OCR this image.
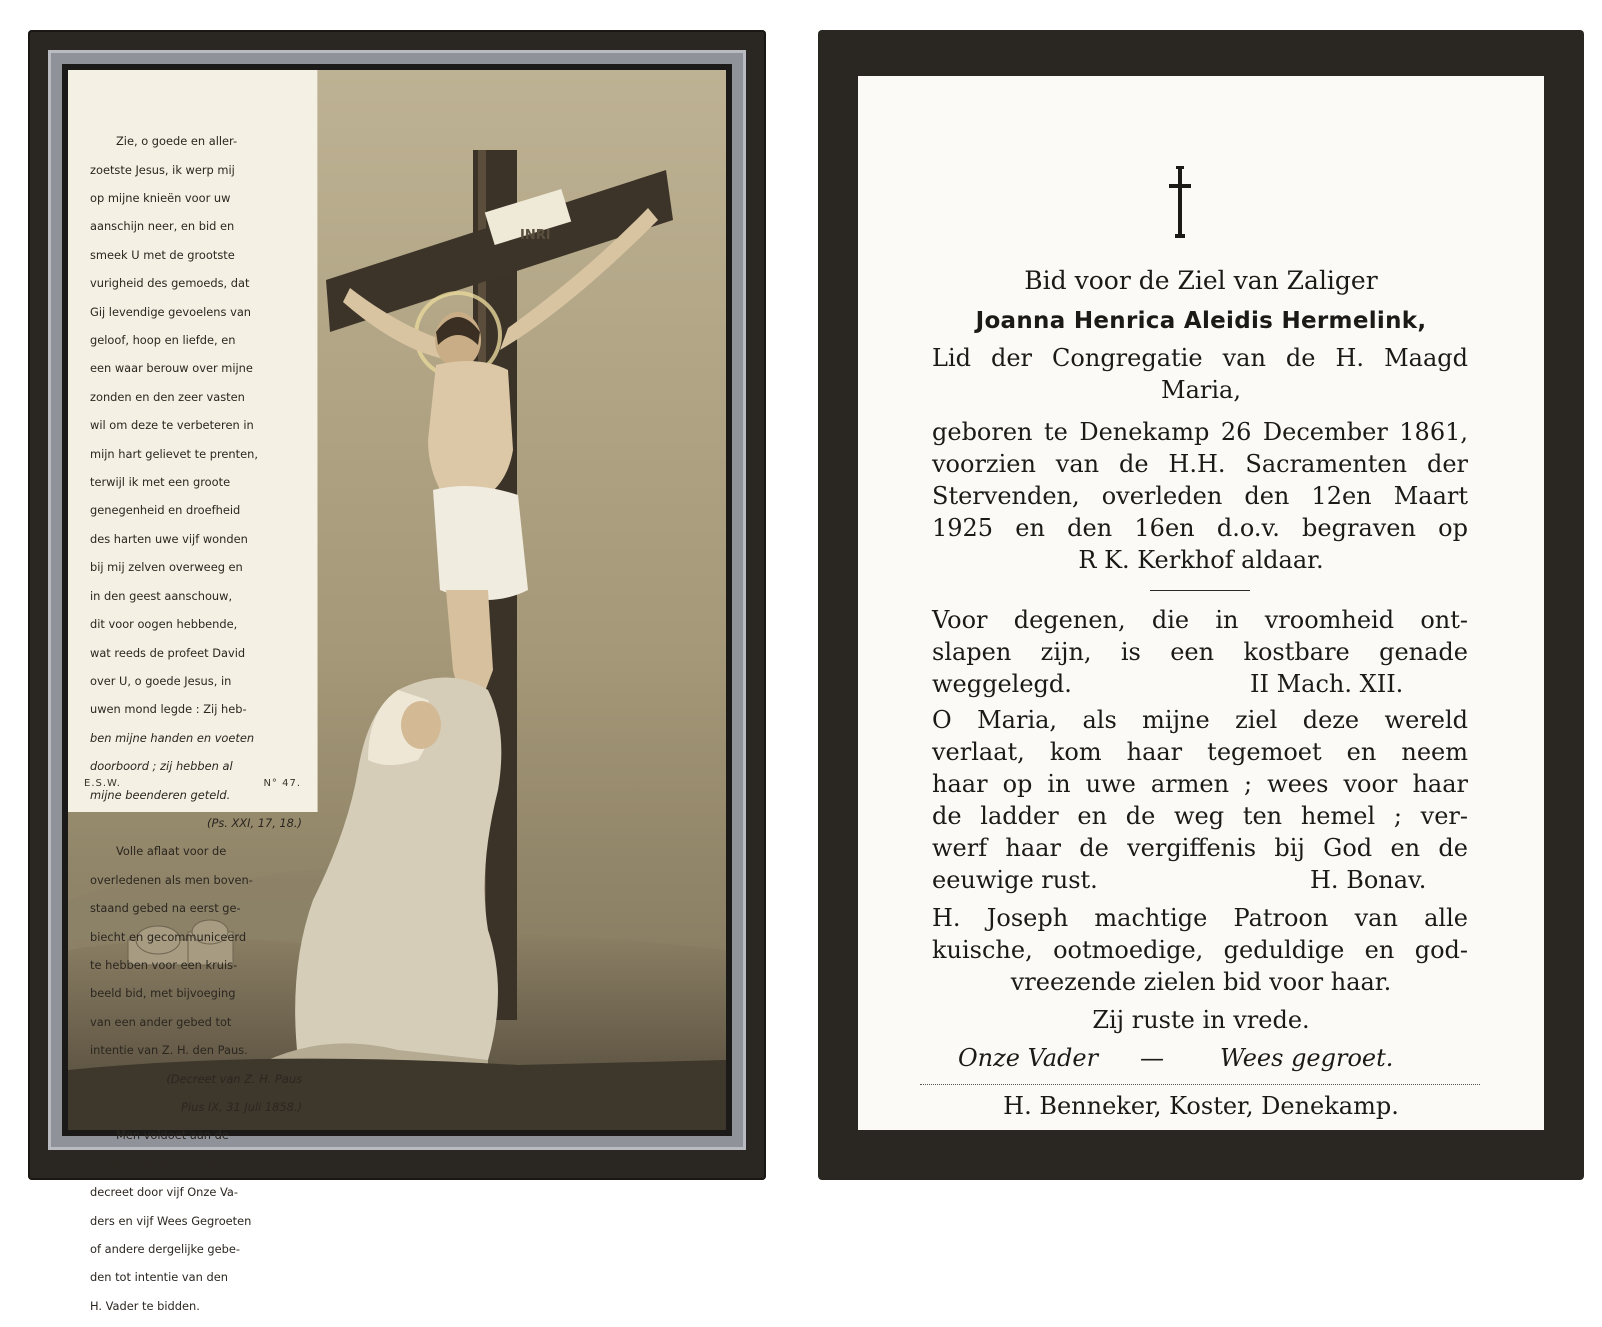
INRI

Zie, o goede en aller-

zoetste Jesus, ik werp mij

op mijne knieën voor uw

aanschijn neer, en bid en

smeek U met de grootste

vurigheid des gemoeds, dat

Gij levendige gevoelens van

geloof, hoop en liefde, en

een waar berouw over mijne

zonden en den zeer vasten

wil om deze te verbeteren in

mijn hart gelievet te prenten,

terwijl ik met een groote

genegenheid en droefheid

des harten uwe vijf wonden

bij mij zelven overweeg en

in den geest aanschouw,

dit voor oogen hebbende,

wat reeds de profeet David

over U, o goede Jesus, in

uwen mond legde : Zij heb-

ben mijne handen en voeten

doorboord ; zij hebben al

mijne beenderen geteld.

(Ps. XXI, 17, 18.)

Volle aflaat voor de

overledenen als men boven-

staand gebed na eerst ge-

biecht en gecommuniceerd

te hebben voor een kruis-

beeld bid, met bijvoeging

van een ander gebed tot

intentie van Z. H. den Paus.

(Decreet van Z. H. Paus

Pius IX, 31 Juli 1858.)

Men voldoet aan de

laatste voorwaarde van het

decreet door vijf Onze Va-

ders en vijf Wees Gegroeten

of andere dergelijke gebe-

den tot intentie van den

H. Vader te bidden.

E.S.W.	N° 47.
Bid voor de Ziel van Zaliger
Joanna Henrica Aleidis Hermelink,
Lid der Congregatie van de H. Maagd
Maria,
geboren te Denekamp 26 December 1861,
voorzien van de H.H. Sacramenten der
Stervenden, overleden den 12en Maart
1925 en den 16en d.o.v. begraven op
R K. Kerkhof aldaar.
Voor degenen, die in vroomheid ont-
slapen zijn, is een kostbare genade
weggelegd.	II Mach. XII.
O Maria, als mijne ziel deze wereld
verlaat, kom haar tegemoet en neem
haar op in uwe armen ; wees voor haar
de ladder en de weg ten hemel ; ver-
werf haar de vergiffenis bij God en de
eeuwige rust.	H. Bonav.
H. Joseph machtige Patroon van alle
kuische, ootmoedige, geduldige en god-
vreezende zielen bid voor haar.
Zij ruste in vrede.
Onze Vader — Wees gegroet.
H. Benneker, Koster, Denekamp.
